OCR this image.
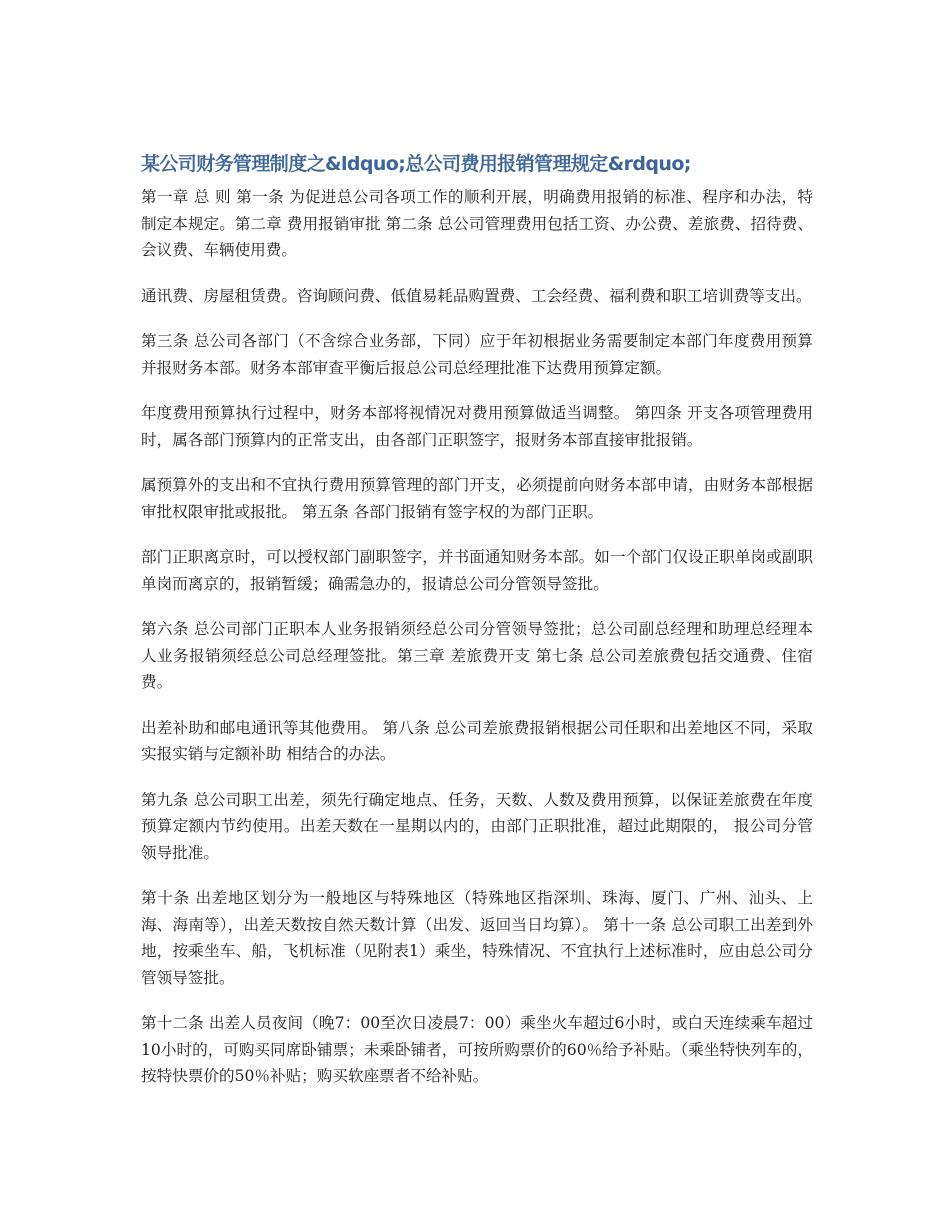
某公司财务管理制度之&ldquo;总公司费用报销管理规定&rdquo;

第一章 总 则 第一条 为促进总公司各项工作的顺利开展，明确费用报销的标准、程序和办法，特制定本规定。第二章 费用报销审批 第二条 总公司管理费用包括工资、办公费、差旅费、招待费、会议费、车辆使用费。

通讯费、房屋租赁费。咨询顾问费、低值易耗品购置费、工会经费、福利费和职工培训费等支出。

第三条 总公司各部门（不含综合业务部，下同）应于年初根据业务需要制定本部门年度费用预算并报财务本部。财务本部审查平衡后报总公司总经理批准下达费用预算定额。

年度费用预算执行过程中，财务本部将视情况对费用预算做适当调整。 第四条 开支各项管理费用时，属各部门预算内的正常支出，由各部门正职签字，报财务本部直接审批报销。

属预算外的支出和不宜执行费用预算管理的部门开支，必须提前向财务本部申请，由财务本部根据审批权限审批或报批。 第五条 各部门报销有签字权的为部门正职。

部门正职离京时，可以授权部门副职签字，并书面通知财务本部。如一个部门仅设正职单岗或副职单岗而离京的，报销暂缓；确需急办的，报请总公司分管领导签批。

第六条 总公司部门正职本人业务报销须经总公司分管领导签批；总公司副总经理和助理总经理本人业务报销须经总公司总经理签批。第三章 差旅费开支 第七条 总公司差旅费包括交通费、住宿费。

出差补助和邮电通讯等其他费用。 第八条 总公司差旅费报销根据公司任职和出差地区不同，采取实报实销与定额补助 相结合的办法。

第九条 总公司职工出差，须先行确定地点、任务，天数、人数及费用预算，以保证差旅费在年度预算定额内节约使用。出差天数在一星期以内的，由部门正职批准，超过此期限的， 报公司分管领导批准。

第十条 出差地区划分为一般地区与特殊地区（特殊地区指深圳、珠海、厦门、广州、汕头、上海、海南等），出差天数按自然天数计算（出发、返回当日均算）。 第十一条 总公司职工出差到外地，按乘坐车、船，飞机标准（见附表1）乘坐，特殊情况、不宜执行上述标准时，应由总公司分管领导签批。

第十二条 出差人员夜间（晚7：00至次日凌晨7：00）乘坐火车超过6小时，或白天连续乘车超过10小时的，可购买同席卧铺票；未乘卧铺者，可按所购票价的60％给予补贴。（乘坐特快列车的，按特快票价的50％补贴；购买软座票者不给补贴。
